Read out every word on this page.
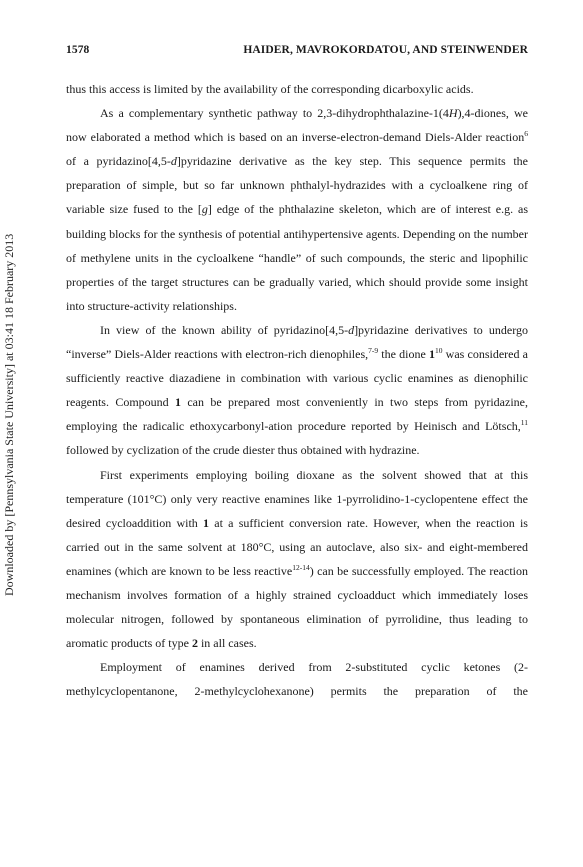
1578	HAIDER, MAVROKORDATOU, AND STEINWENDER
Downloaded by [Pennsylvania State University] at 03:41 18 February 2013

thus this access is limited by the availability of the corresponding dicarboxylic acids.

As a complementary synthetic pathway to 2,3-dihydrophthalazine-1(4H),4-diones, we now elaborated a method which is based on an inverse-electron-demand Diels-Alder reaction$^6$ of a pyridazino[4,5-d]pyridazine derivative as the key step. This sequence permits the preparation of simple, but so far unknown phthalyl-hydrazides with a cycloalkene ring of variable size fused to the [g] edge of the phthalazine skeleton, which are of interest e.g. as building blocks for the synthesis of potential antihypertensive agents. Depending on the number of methylene units in the cycloalkene “handle” of such compounds, the steric and lipophilic properties of the target structures can be gradually varied, which should provide some insight into structure-activity relationships.

In view of the known ability of pyridazino[4,5-d]pyridazine derivatives to undergo “inverse” Diels-Alder reactions with electron-rich dienophiles,$^{7-9}$ the dione $1^{10}$ was considered a sufficiently reactive diazadiene in combination with various cyclic enamines as dienophilic reagents. Compound 1 can be prepared most conveniently in two steps from pyridazine, employing the radicalic ethoxycarbonyl-ation procedure reported by Heinisch and Lötsch,$^{11}$ followed by cyclization of the crude diester thus obtained with hydrazine.

First experiments employing boiling dioxane as the solvent showed that at this temperature (101°C) only very reactive enamines like 1-pyrrolidino-1-cyclopentene effect the desired cycloaddition with 1 at a sufficient conversion rate. However, when the reaction is carried out in the same solvent at 180°C, using an autoclave, also six- and eight-membered enamines (which are known to be less reactive$^{12-14}$) can be successfully employed. The reaction mechanism involves formation of a highly strained cycloadduct which immediately loses molecular nitrogen, followed by spontaneous elimination of pyrrolidine, thus leading to aromatic products of type 2 in all cases.

Employment of enamines derived from 2-substituted cyclic ketones (2-methylcyclopentanone, 2-methylcyclohexanone) permits the preparation of the
